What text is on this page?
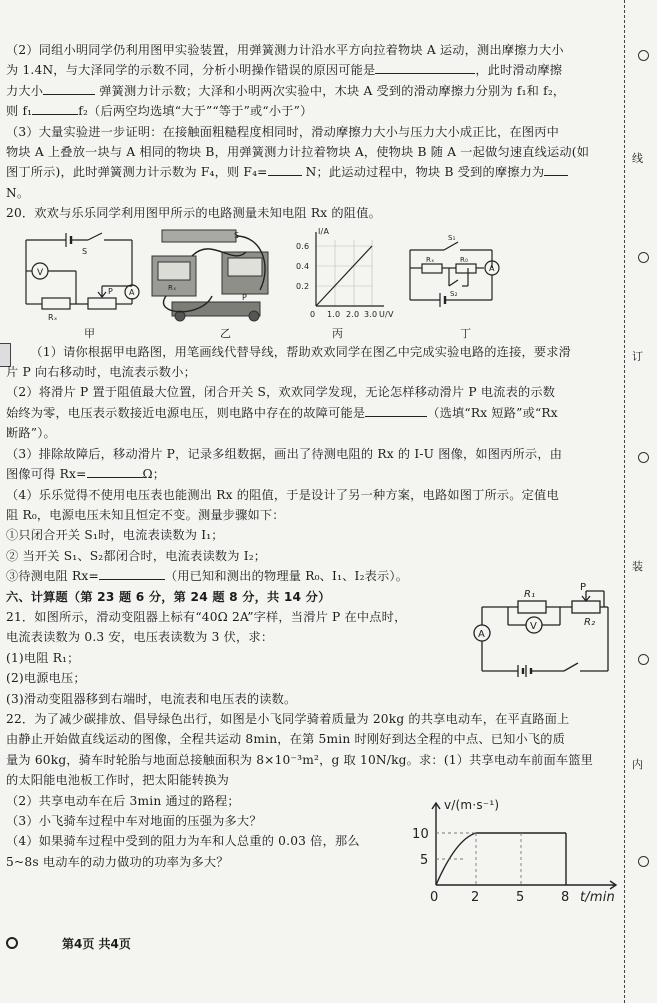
（2）同组小明同学仍利用图甲实验装置，用弹簧测力计沿水平方向拉着物块 A 运动，测出摩擦力大小

为 1.4N，与大泽同学的示数不同，分析小明操作错误的原因可能是	，此时滑动摩擦

力大小	弹簧测力计示数；大泽和小明两次实验中，木块 A 受到的滑动摩擦力分别为 f₁和 f₂，

则 f₁	f₂（后两空均选填“大于”“等于”或“小于”）

（3）大量实验进一步证明：在接触面粗糙程度相同时，滑动摩擦力大小与压力大小成正比，在图丙中

物块 A 上叠放一块与 A 相同的物块 B，用弹簧测力计拉着物块 A，使物块 B 随 A 一起做匀速直线运动(如

图丁所示)，此时弹簧测力计示数为 F₄，则 F₄=	N；此运动过程中，物块 B 受到的摩擦力为

N。

20．欢欢与乐乐同学利用图甲所示的电路测量未知电阻 Rx 的阻值。

V
A
S
P
Rₓ
S
P
Rₓ
I/A
0.6
0.4
0.2
0 1.0 2.0 3.0 U/V
S₁
A
Rₓ	R₀
S₂
甲	乙	丙	丁

（1）请你根据甲电路图，用笔画线代替导线，帮助欢欢同学在图乙中完成实验电路的连接，要求滑

片 P 向右移动时，电流表示数小；

（2）将滑片 P 置于阻值最大位置，闭合开关 S，欢欢同学发现，无论怎样移动滑片 P 电流表的示数

始终为零，电压表示数接近电源电压，则电路中存在的故障可能是	（选填“Rx 短路”或“Rx

断路”）。

（3）排除故障后，移动滑片 P，记录多组数据，画出了待测电阻的 Rx 的 I-U 图像，如图丙所示，由

图像可得 Rx=	Ω；

（4）乐乐觉得不使用电压表也能测出 Rx 的阻值，于是设计了另一种方案，电路如图丁所示。定值电

阻 R₀，电源电压未知且恒定不变。测量步骤如下：

①只闭合开关 S₁时，电流表读数为 I₁；

② 当开关 S₁、S₂都闭合时，电流表读数为 I₂；

③待测电阻 Rx=	（用已知和测出的物理量 R₀、I₁、I₂表示）。

六、计算题（第 23 题 6 分，第 24 题 8 分，共 14 分）

21．如图所示，滑动变阻器上标有“40Ω 2A”字样，当滑片 P 在中点时，

电流表读数为 0.3 安，电压表读数为 3 伏，求：

(1)电阻 R₁；

(2)电源电压；

(3)滑动变阻器移到右端时，电流表和电压表的读数。

R₁
P
R₂
A
V

22．为了减少碳排放、倡导绿色出行，如图是小飞同学骑着质量为 20kg 的共享电动车，在平直路面上

由静止开始做直线运动的图像，全程共运动 8min，在第 5min 时刚好到达全程的中点、已知小飞的质

量为 60kg，骑车时轮胎与地面总接触面积为 8×10⁻³m²，g 取 10N/kg。求：(1）共享电动车前面车篮里

的太阳能电池板工作时，把太阳能转换为

（2）共享电动车在后 3min 通过的路程；

（3）小飞骑车过程中车对地面的压强为多大？

（4）如果骑车过程中受到的阻力为车和人总重的 0.03 倍，那么

5~8s 电动车的动力做功的功率为多大？

v/(m·s⁻¹)
10
5
0	2	5	8 t/min
第4页 共4页
线
订
装
内
